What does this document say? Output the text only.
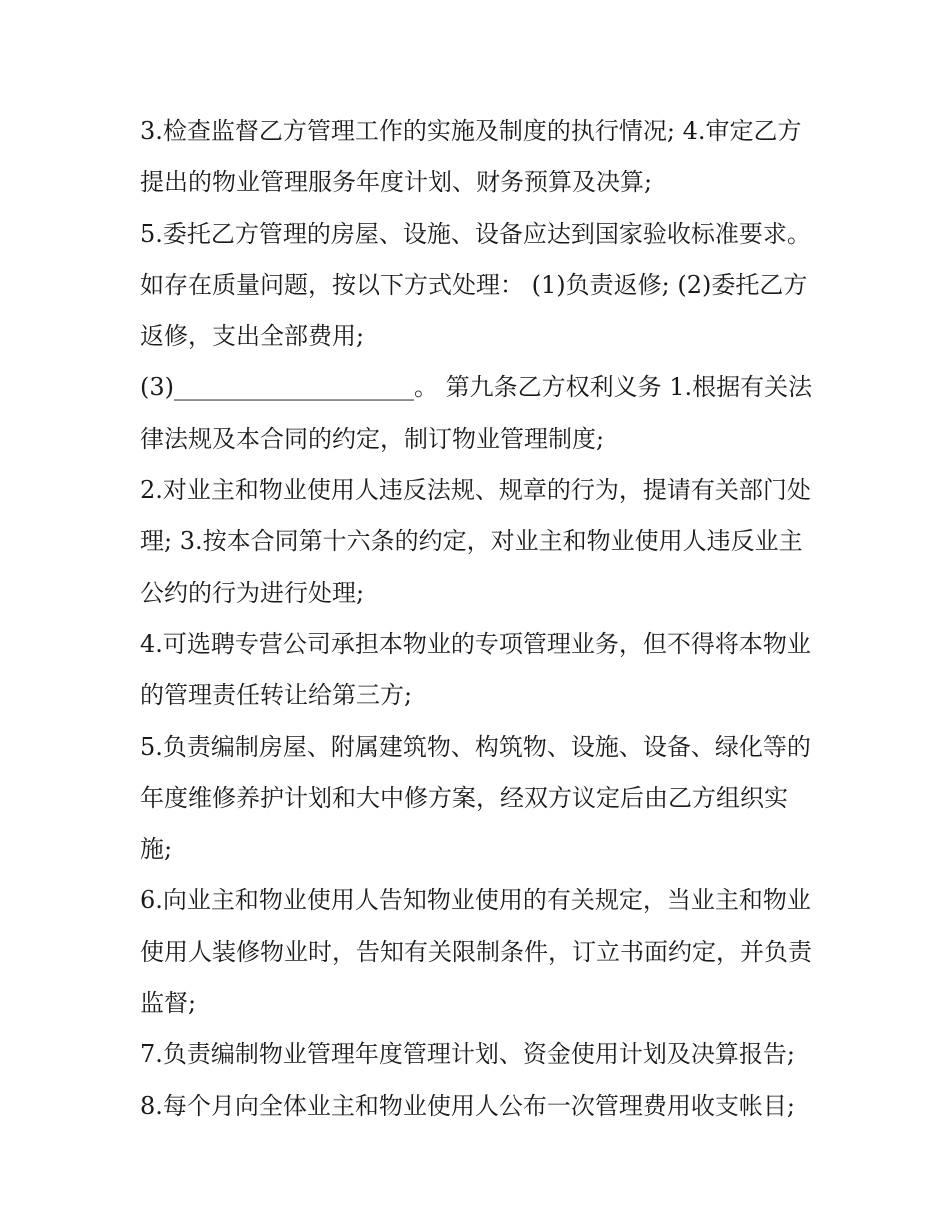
3.检查监督乙方管理工作的实施及制度的执行情况; 4.审定乙方提出的物业管理服务年度计划、财务预算及决算;

5.委托乙方管理的房屋、设施、设备应达到国家验收标准要求。 如存在质量问题，按以下方式处理： (1)负责返修; (2)委托乙方返修，支出全部费用;

(3)____________________。 第九条乙方权利义务 1.根据有关法律法规及本合同的约定，制订物业管理制度;

2.对业主和物业使用人违反法规、规章的行为，提请有关部门处理; 3.按本合同第十六条的约定，对业主和物业使用人违反业主公约的行为进行处理;

4.可选聘专营公司承担本物业的专项管理业务，但不得将本物业的管理责任转让给第三方;

5.负责编制房屋、附属建筑物、构筑物、设施、设备、绿化等的年度维修养护计划和大中修方案，经双方议定后由乙方组织实施;

6.向业主和物业使用人告知物业使用的有关规定，当业主和物业使用人装修物业时，告知有关限制条件，订立书面约定，并负责监督;

7.负责编制物业管理年度管理计划、资金使用计划及决算报告;

8.每个月向全体业主和物业使用人公布一次管理费用收支帐目;
